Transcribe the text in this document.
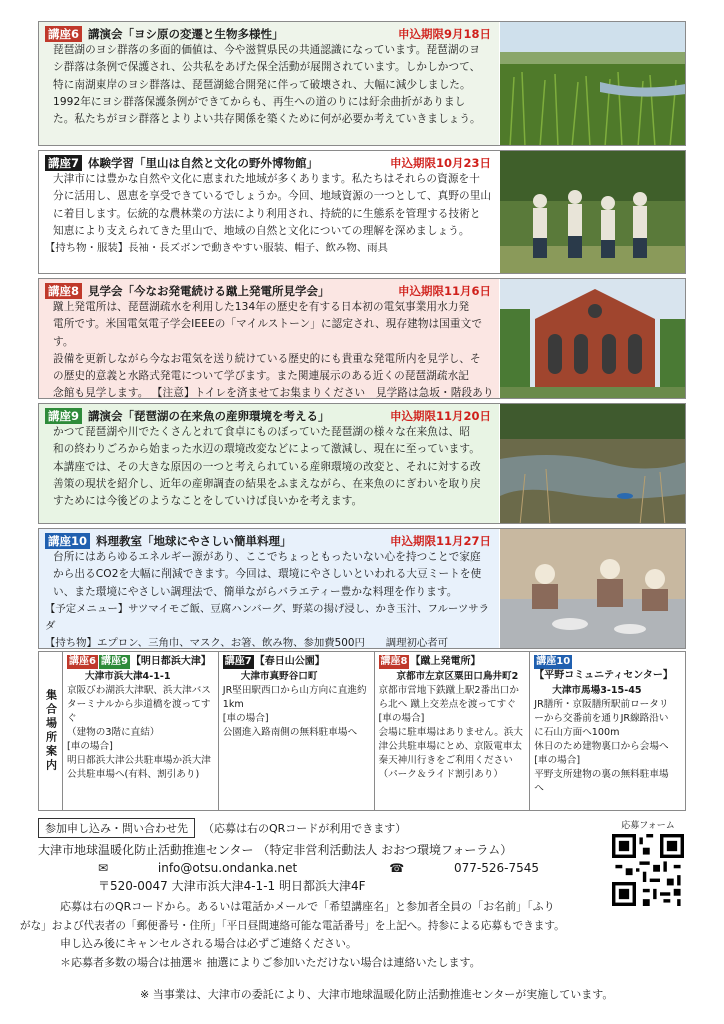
講座6 講演会「ヨシ原の変遷と生物多様性」	申込期限9月18日
琵琶湖のヨシ群落の多面的価値は、今や滋賀県民の共通認識になっています。琵琶湖のヨ
シ群落は条例で保護され、公共私をあげた保全活動が展開されています。しかしかつて、
特に南湖東岸のヨシ群落は、琵琶湖総合開発に伴って破壊され、大幅に減少しました。
1992年にヨシ群落保護条例ができてからも、再生への道のりには紆余曲折がありまし
た。私たちがヨシ群落とよりよい共存関係を築くために何が必要か考えていきましょう。
講座7 体験学習「里山は自然と文化の野外博物館」	申込期限10月23日
大津市には豊かな自然や文化に恵まれた地域が多くあります。私たちはそれらの資源を十
分に活用し、恩恵を享受できているでしょうか。今回、地域資源の一つとして、真野の里山
に着目します。伝統的な農林業の方法により利用され、持続的に生態系を管理する技術と
知恵により支えられてきた里山で、地域の自然と文化についての理解を深めましょう。
【持ち物・服装】長袖・長ズボンで動きやすい服装、帽子、飲み物、雨具
講座8 見学会「今なお発電続ける蹴上発電所見学会」	申込期限11月6日
蹴上発電所は、琵琶湖疏水を利用した134年の歴史を有する日本初の電気事業用水力発
電所です。米国電気電子学会IEEEの「マイルストーン」に認定され、現存建物は国重文です。
設備を更新しながら今なお電気を送り続けている歴史的にも貴重な発電所内を見学し、そ
の歴史的意義と水路式発電について学びます。また関連展示のある近くの琵琶湖疏水記
念館も見学します。 【注意】トイレを済ませてお集まりください　見学路は急坂・階段あり
講座9 講演会「琵琶湖の在来魚の産卵環境を考える」	申込期限11月20日
かつて琵琶湖や川でたくさんとれて食卓にものぼっていた琵琶湖の様々な在来魚は、昭
和の終わりごろから始まった水辺の環境改変などによって激減し、現在に至っています。
本講座では、その大きな原因の一つと考えられている産卵環境の改変と、それに対する改
善策の現状を紹介し、近年の産卵調査の結果をふまえながら、在来魚のにぎわいを取り戻
すためには今後どのようなことをしていけば良いかを考えます。
講座10 料理教室「地球にやさしい簡単料理」	申込期限11月27日
台所にはあらゆるエネルギー源があり、ここでちょっともったいない心を持つことで家庭
から出るCO2を大幅に削減できます。今回は、環境にやさしいといわれる大豆ミートを使
い、また環境にやさしい調理法で、簡単ながらバラエティー豊かな料理を作ります。
【予定メニュー】サツマイモご飯、豆腐ハンバーグ、野菜の揚げ浸し、かき玉汁、フルーツサラダ
【持ち物】エプロン、三角巾、マスク、お箸、飲み物、参加費500円　　調理初心者可
集合場所案内
講座6 講座9 【明日都浜大津】
大津市浜大津4-1-1
京阪びわ湖浜大津駅、浜大津バス
ターミナルから歩道橋を渡ってすぐ
（建物の3階に直結）
[車の場合]
明日都浜大津公共駐車場か浜大津
公共駐車場へ(有料、割引あり)
講座7 【春日山公園】
大津市真野谷口町
JR堅田駅西口から山方向に直進約
1km
[車の場合]
公園進入路南側の無料駐車場へ
講座8 【蹴上発電所】
京都市左京区粟田口鳥井町2
京都市営地下鉄蹴上駅2番出口か
ら北へ 蹴上交差点を渡ってすぐ
[車の場合]
会場に駐車場はありません。浜大
津公共駐車場にとめ、京阪電車太
秦天神川行きをご利用ください
（パーク＆ライド割引あり）
講座10
【平野コミュニティセンター】
大津市馬場3-15-45
JR膳所・京阪膳所駅前ロータリ
ーから交番前を通りJR線路沿い
に石山方面へ100m
休日のため建物裏口から会場へ
[車の場合]
平野支所建物の裏の無料駐車場
へ
参加申し込み・問い合わせ先 （応募は右のQRコードが利用できます）
大津市地球温暖化防止活動推進センター （特定非営利活動法人 おおつ環境フォーラム）
✉	info@otsu.ondanka.net	☎	077-526-7545
〒520-0047 大津市浜大津4-1-1 明日都浜大津4F
応募フォーム
応募は右のQRコードから。あるいは電話かメールで「希望講座名」と参加者全員の「お名前」「ふり
がな」および代表者の「郵便番号・住所」「平日昼間連絡可能な電話番号」を上記へ。持参による応募もできます。
申し込み後にキャンセルされる場合は必ずご連絡ください。
＊応募者多数の場合は抽選＊ 抽選によりご参加いただけない場合は連絡いたします。
※ 当事業は、大津市の委託により、大津市地球温暖化防止活動推進センターが実施しています。
